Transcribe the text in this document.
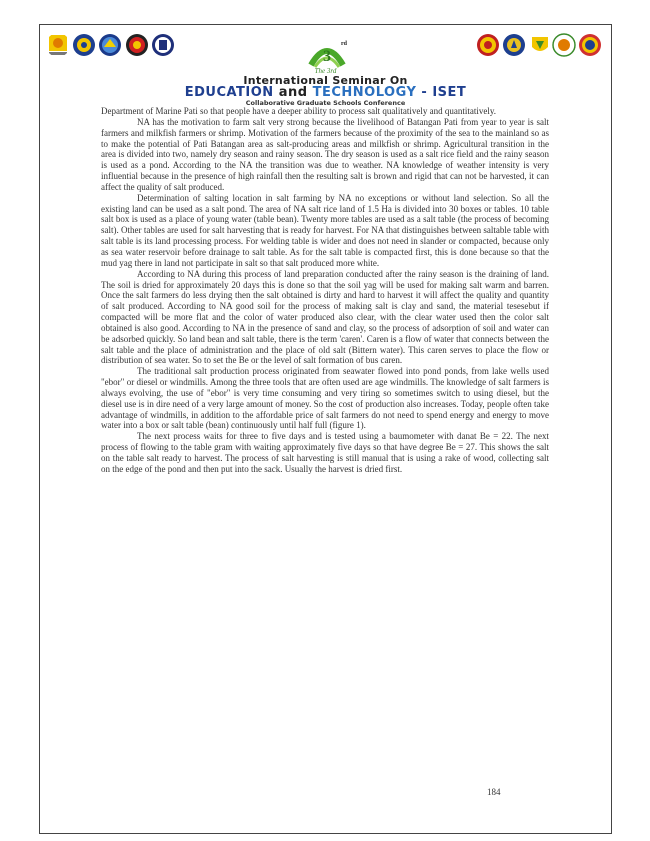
3
rd
The 3rd
International Seminar On
EDUCATION and TECHNOLOGY - ISET
Collaborative Graduate Schools Conference

Department of Marine Pati so that people have a deeper ability to process salt qualitatively and quantitatively.

NA has the motivation to farm salt very strong because the livelihood of Batangan Pati from year to year is salt farmers and milkfish farmers or shrimp. Motivation of the farmers because of the proximity of the sea to the mainland so as to make the potential of Pati Batangan area as salt-producing areas and milkfish or shrimp. Agricultural transition in the area is divided into two, namely dry season and rainy season. The dry season is used as a salt rice field and the rainy season is used as a pond. According to the NA the transition was due to weather. NA knowledge of weather intensity is very influential because in the presence of high rainfall then the resulting salt is brown and rigid that can not be harvested, it can affect the quality of salt produced.

Determination of salting location in salt farming by NA no exceptions or without land selection. So all the existing land can be used as a salt pond. The area of NA salt rice land of 1.5 Ha is divided into 30 boxes or tables. 10 table salt box is used as a place of young water (table bean). Twenty more tables are used as a salt table (the process of becoming salt). Other tables are used for salt harvesting that is ready for harvest. For NA that distinguishes between saltable table with salt table is its land processing process. For welding table is wider and does not need in slander or compacted, because only as sea water reservoir before drainage to salt table. As for the salt table is compacted first, this is done because so that the mud yag there in land not participate in salt so that salt produced more white.

According to NA during this process of land preparation conducted after the rainy season is the draining of land. The soil is dried for approximately 20 days this is done so that the soil yag will be used for making salt warm and barren. Once the salt farmers do less drying then the salt obtained is dirty and hard to harvest it will affect the quality and quantity of salt produced. According to NA good soil for the process of making salt is clay and sand, the material tesesebut if compacted will be more flat and the color of water produced also clear, with the clear water used then the color salt obtained is also good. According to NA in the presence of sand and clay, so the process of adsorption of soil and water can be adsorbed quickly. So land bean and salt table, there is the term 'caren'. Caren is a flow of water that connects between the salt table and the place of administration and the place of old salt (Bittern water). This caren serves to place the flow or distribution of sea water. So to set the Be or the level of salt formation of bus caren.

The traditional salt production process originated from seawater flowed into pond ponds, from lake wells used "ebor" or diesel or windmills. Among the three tools that are often used are age windmills. The knowledge of salt farmers is always evolving, the use of "ebor" is very time consuming and very tiring so sometimes switch to using diesel, but the diesel use is in dire need of a very large amount of money. So the cost of production also increases. Today, people often take advantage of windmills, in addition to the affordable price of salt farmers do not need to spend energy and energy to move water into a box or salt table (bean) continuously until half full (figure 1).

The next process waits for three to five days and is tested using a baumometer with danat Be = 22. The next process of flowing to the table gram with waiting approximately five days so that have degree Be = 27. This shows the salt on the table salt ready to harvest. The process of salt harvesting is still manual that is using a rake of wood, collecting salt on the edge of the pond and then put into the sack. Usually the harvest is dried first.

184
